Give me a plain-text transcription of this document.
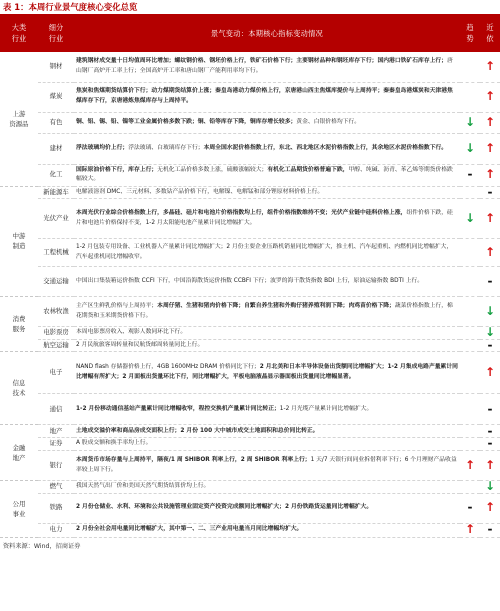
表 1：本周行业景气度核心变化总览
大类
行业	细分
行业	景气变动：本期核心指标变动情况	趋
势	近
依
上游
资源品	钢材	建筑钢材成交量十日均值周环比增加；螺纹钢价格、钢坯价格上行，铁矿石价格下行；主要钢材品种和钢坯库存下行；国内港口铁矿石库存上行；唐山钢厂高炉开工率上行；全国高炉开工率和唐山钢厂产能利用率均下行。		↑
	煤炭	焦炭和焦煤期货结算价下行；动力煤期货结算价上涨；秦皇岛港动力煤价格上行，京唐港山西主焦煤库提价与上周持平；秦秦皇岛港煤炭和天津港焦煤库存下行，京唐港炼焦煤库存与上周持平。		↑
	有色	铜、铝、锡、铅、镍等工业金属价格多数下跌；铜、铅等库存下降，铜库存增长较多；黄金、白银价格均下行。	↓	↑
	建材	浮法玻璃均价上行；浮法玻璃、白玻璃库存下行；本周全国水泥价格指数上行，东北、西北地区水泥价格指数上行，其余地区水泥价格指数下行。	↓	↑
	化工	国际原油价格下行，库存上行；无机化工品价格多数上涨，硫酸涨幅较大；有机化工品期货价格普遍下跌，甲醇、纯碱、沥青、苯乙烯等期货价格跌幅较大。	-	↑
中游
制造	新能源车	电解液溶剂 DMC、三元材料、多数钴产品价格下行，电解镍、电解锰和部分锂原材料价格上行。		-
	光伏产业	本周光伏行业综合价格指数上行，多晶硅、硅片和电池片价格指数均上行，组件价格指数维持不变；光伏产业链中硅料价格上涨，组件价格下跌，硅片和电池片价格保持不变，1-2 月太阳能电池产量累计同比增幅扩大。	↓	↑
	工程机械	1-2 月包装专用设备、工业机器人产量累计同比增幅扩大；2 月份主要企业压路机销量同比增幅扩大，推土机、汽车起重机、内燃机同比增幅扩大，汽车起重机同比增幅收窄。		↑
	交通运输	中国出口集装箱运价指数 CCFI 下行，中国沿海散货运价指数 CCBFI 下行；波罗的海干散货指数 BDI 上行，原油运输指数 BDTI 上行。		-
消费
服务	农林牧渔	主产区生鲜乳价格与上周持平；本周仔猪、生猪和猪肉价格下降；自繁自养生猪和外购仔猪养殖利润下降；肉鸡苗价格下降；蔬菜价格指数上行，棉花期货和玉米期货价格下行。		↓
	电影票房	本周电影票房收入、观影人数同环比下行。		↓
	航空运输	2 月民航旅客周转量和民航货邮周转量同比上行。		-
信息
技术	电子	NAND flash 存储器价格上行，4GB 1600MHz DRAM 价格同比下行；2 月北美和日本半导体设备出货额同比增幅扩大；1-2 月集成电路产量累计同比增幅有所扩大；2 月面板出货量环比下行，同比增幅扩大，平板电脑液晶显示器面板出货量同比增幅显著。		↑
	通信	1-2 月份移动通信基站产量累计同比增幅收窄，程控交换机产量累计同比转正；1-2 月光缆产量累计同比增幅扩大。		-
金融
地产	地产	土地成交溢价率和商品房成交面积上行；2 月份 100 大中城市成交土地面积和总价同比转正。		-
	证券	A 股成交额和换手率均上行。		-
	银行	本周货币市场存量与上周持平，隔夜/1 周 SHIBOR 利率上行，2 周 SHIBOR 利率上行；1 天/7 天银行间同业拆借利率下行；6 个月理财产品收益率较上周下行。	↑	↑
公用
事业	燃气	我国天然气出厂价和美国天然气期货结算价均上行。		↓
	铁路	2 月份仓储业、水利、环境和公共设施管理业固定资产投资完成额同比增幅扩大；2 月份铁路货运量同比增幅扩大。	-	↑
	电力	2 月份全社会用电量同比增幅扩大，其中第一、二、三产业用电量当月同比增幅均扩大。	↑	-
资料来源：Wind，招商证券
